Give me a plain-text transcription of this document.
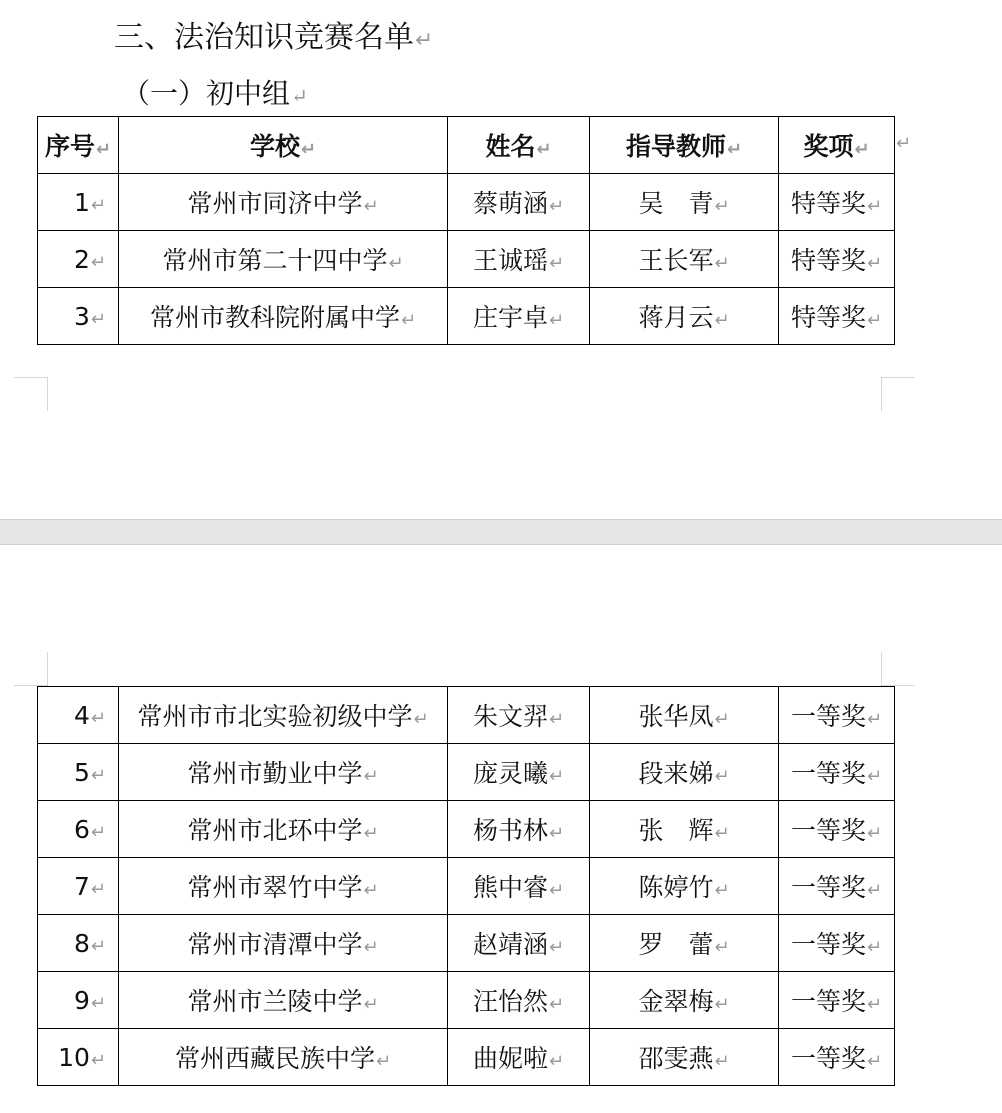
三、法治知识竞赛名单↵
（一）初中组↵
序号↵	学校↵	姓名↵	指导教师↵	奖项↵
1↵	常州市同济中学↵	蔡萌涵↵	吴　青↵	特等奖↵
2↵	常州市第二十四中学↵	王诚瑶↵	王长军↵	特等奖↵
3↵	常州市教科院附属中学↵	庄宇卓↵	蒋月云↵	特等奖↵
↵
4↵	常州市市北实验初级中学↵	朱文羿↵	张华凤↵	一等奖↵
5↵	常州市勤业中学↵	庞灵曦↵	段来娣↵	一等奖↵
6↵	常州市北环中学↵	杨书林↵	张　辉↵	一等奖↵
7↵	常州市翠竹中学↵	熊中睿↵	陈婷竹↵	一等奖↵
8↵	常州市清潭中学↵	赵靖涵↵	罗　蕾↵	一等奖↵
9↵	常州市兰陵中学↵	汪怡然↵	金翠梅↵	一等奖↵
10↵	常州西藏民族中学↵	曲妮啦↵	邵雯燕↵	一等奖↵
